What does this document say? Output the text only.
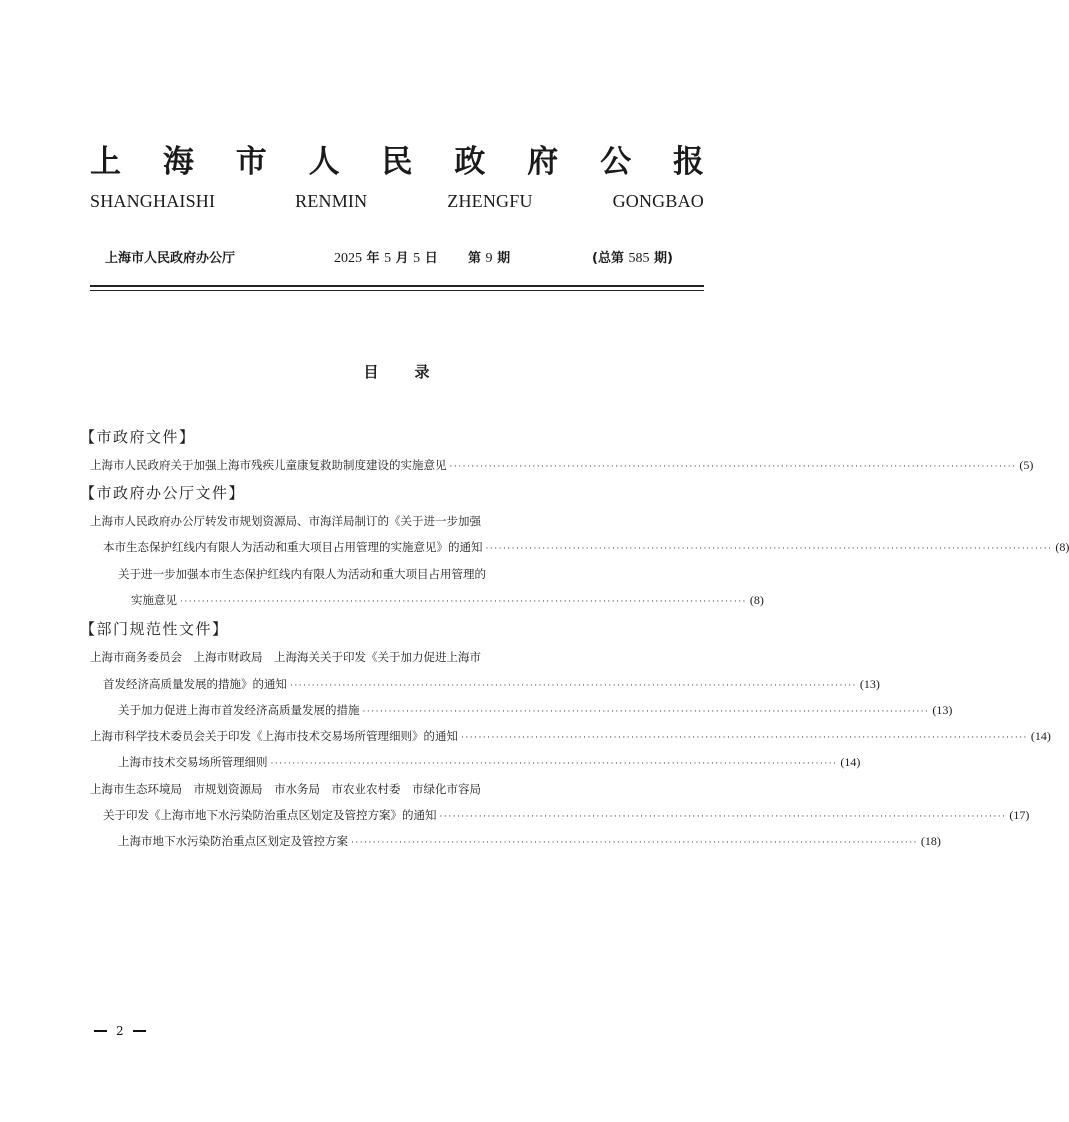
上 海 市 人 民 政 府 公 报
SHANGHAISHI	RENMIN	ZHENGFU	GONGBAO
上海市人民政府办公厅	2025 年 5 月 5 日 第 9 期	(总第 585 期)
目录
【市政府文件】
上海市人民政府关于加强上海市残疾儿童康复救助制度建设的实施意见 ·································································································································· (5)
【市政府办公厅文件】
上海市人民政府办公厅转发市规划资源局、市海洋局制订的《关于进一步加强
本市生态保护红线内有限人为活动和重大项目占用管理的实施意见》的通知 ·································································································································· (8)
关于进一步加强本市生态保护红线内有限人为活动和重大项目占用管理的
实施意见 ·································································································································· (8)
【部门规范性文件】
上海市商务委员会　上海市财政局　上海海关关于印发《关于加力促进上海市
首发经济高质量发展的措施》的通知 ·································································································································· (13)
关于加力促进上海市首发经济高质量发展的措施 ·································································································································· (13)
上海市科学技术委员会关于印发《上海市技术交易场所管理细则》的通知 ·································································································································· (14)
上海市技术交易场所管理细则 ·································································································································· (14)
上海市生态环境局　市规划资源局　市水务局　市农业农村委　市绿化市容局
关于印发《上海市地下水污染防治重点区划定及管控方案》的通知 ·································································································································· (17)
上海市地下水污染防治重点区划定及管控方案 ·································································································································· (18)
2
